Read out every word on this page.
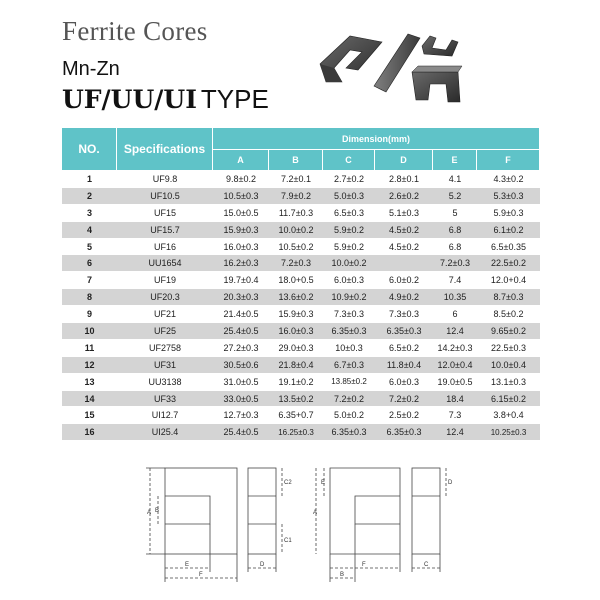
Ferrite Cores
Mn-Zn
UF/UU/UI TYPE
NO.	Specifications	Dimension(mm)					
		A	B	C	D	E	F
1	UF9.8	9.8±0.2	7.2±0.1	2.7±0.2	2.8±0.1	4.1	4.3±0.2
2	UF10.5	10.5±0.3	7.9±0.2	5.0±0.3	2.6±0.2	5.2	5.3±0.3
3	UF15	15.0±0.5	11.7±0.3	6.5±0.3	5.1±0.3	5	5.9±0.3
4	UF15.7	15.9±0.3	10.0±0.2	5.9±0.2	4.5±0.2	6.8	6.1±0.2
5	UF16	16.0±0.3	10.5±0.2	5.9±0.2	4.5±0.2	6.8	6.5±0.35
6	UU1654	16.2±0.3	7.2±0.3	10.0±0.2		7.2±0.3	22.5±0.2
7	UF19	19.7±0.4	18.0+0.5	6.0±0.3	6.0±0.2	7.4	12.0+0.4
8	UF20.3	20.3±0.3	13.6±0.2	10.9±0.2	4.9±0.2	10.35	8.7±0.3
9	UF21	21.4±0.5	15.9±0.3	7.3±0.3	7.3±0.3	6	8.5±0.2
10	UF25	25.4±0.5	16.0±0.3	6.35±0.3	6.35±0.3	12.4	9.65±0.2
11	UF2758	27.2±0.3	29.0±0.3	10±0.3	6.5±0.2	14.2±0.3	22.5±0.3
12	UF31	30.5±0.6	21.8±0.4	6.7±0.3	11.8±0.4	12.0±0.4	10.0±0.4
13	UU3138	31.0±0.5	19.1±0.2	13.85±0.2	6.0±0.3	19.0±0.5	13.1±0.3
14	UF33	33.0±0.5	13.5±0.2	7.2±0.2	7.2±0.2	18.4	6.15±0.2
15	UI12.7	12.7±0.3	6.35+0.7	5.0±0.2	2.5±0.2	7.3	3.8+0.4
16	UI25.4	25.4±0.5	16.25±0.3	6.35±0.3	6.35±0.3	12.4	10.25±0.3
A B
E
F
C2
C1
D
A
E
F
B
D
C
